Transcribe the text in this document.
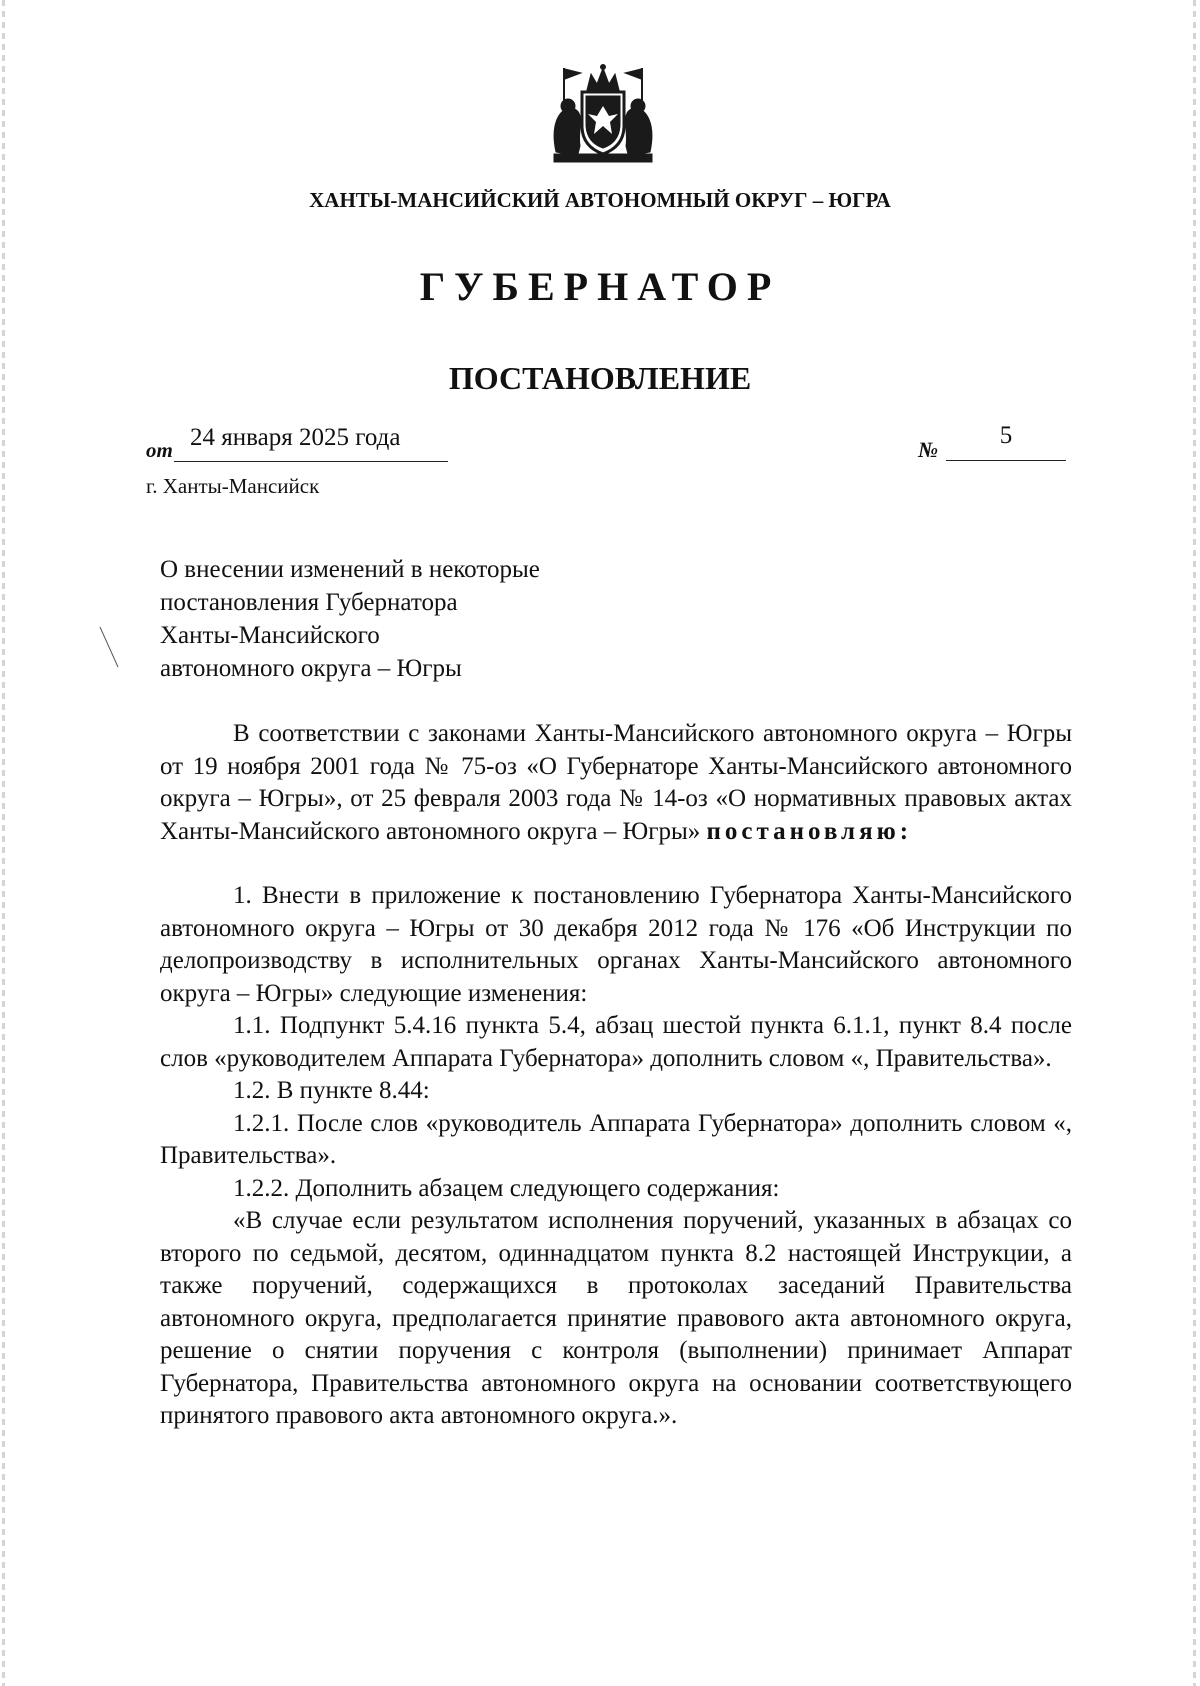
ХАНТЫ-МАНСИЙСКИЙ АВТОНОМНЫЙ ОКРУГ – ЮГРА
ГУБЕРНАТОР
ПОСТАНОВЛЕНИЕ
от 24 января 2025 года	№
5
г. Ханты-Мансийск
О внесении изменений в некоторые
постановления Губернатора
Ханты-Мансийского
автономного округа – Югры

В соответствии с законами Ханты-Мансийского автономного округа – Югры от 19 ноября 2001 года № 75-оз «О Губернаторе Ханты-Мансийского автономного округа – Югры», от 25 февраля 2003 года № 14-оз «О нормативных правовых актах Ханты-Мансийского автономного округа – Югры» постановляю:

1. Внести в приложение к постановлению Губернатора Ханты-Мансийского автономного округа – Югры от 30 декабря 2012 года № 176 «Об Инструкции по делопроизводству в исполнительных органах Ханты-Мансийского автономного округа – Югры» следующие изменения:

1.1. Подпункт 5.4.16 пункта 5.4, абзац шестой пункта 6.1.1, пункт 8.4 после слов «руководителем Аппарата Губернатора» дополнить словом «, Правительства».

1.2. В пункте 8.44:

1.2.1. После слов «руководитель Аппарата Губернатора» дополнить словом «, Правительства».

1.2.2. Дополнить абзацем следующего содержания:

«В случае если результатом исполнения поручений, указанных в абзацах со второго по седьмой, десятом, одиннадцатом пункта 8.2 настоящей Инструкции, а также поручений, содержащихся в протоколах заседаний Правительства автономного округа, предполагается принятие правового акта автономного округа, решение о снятии поручения с контроля (выполнении) принимает Аппарат Губернатора, Правительства автономного округа на основании соответствующего принятого правового акта автономного округа.».
